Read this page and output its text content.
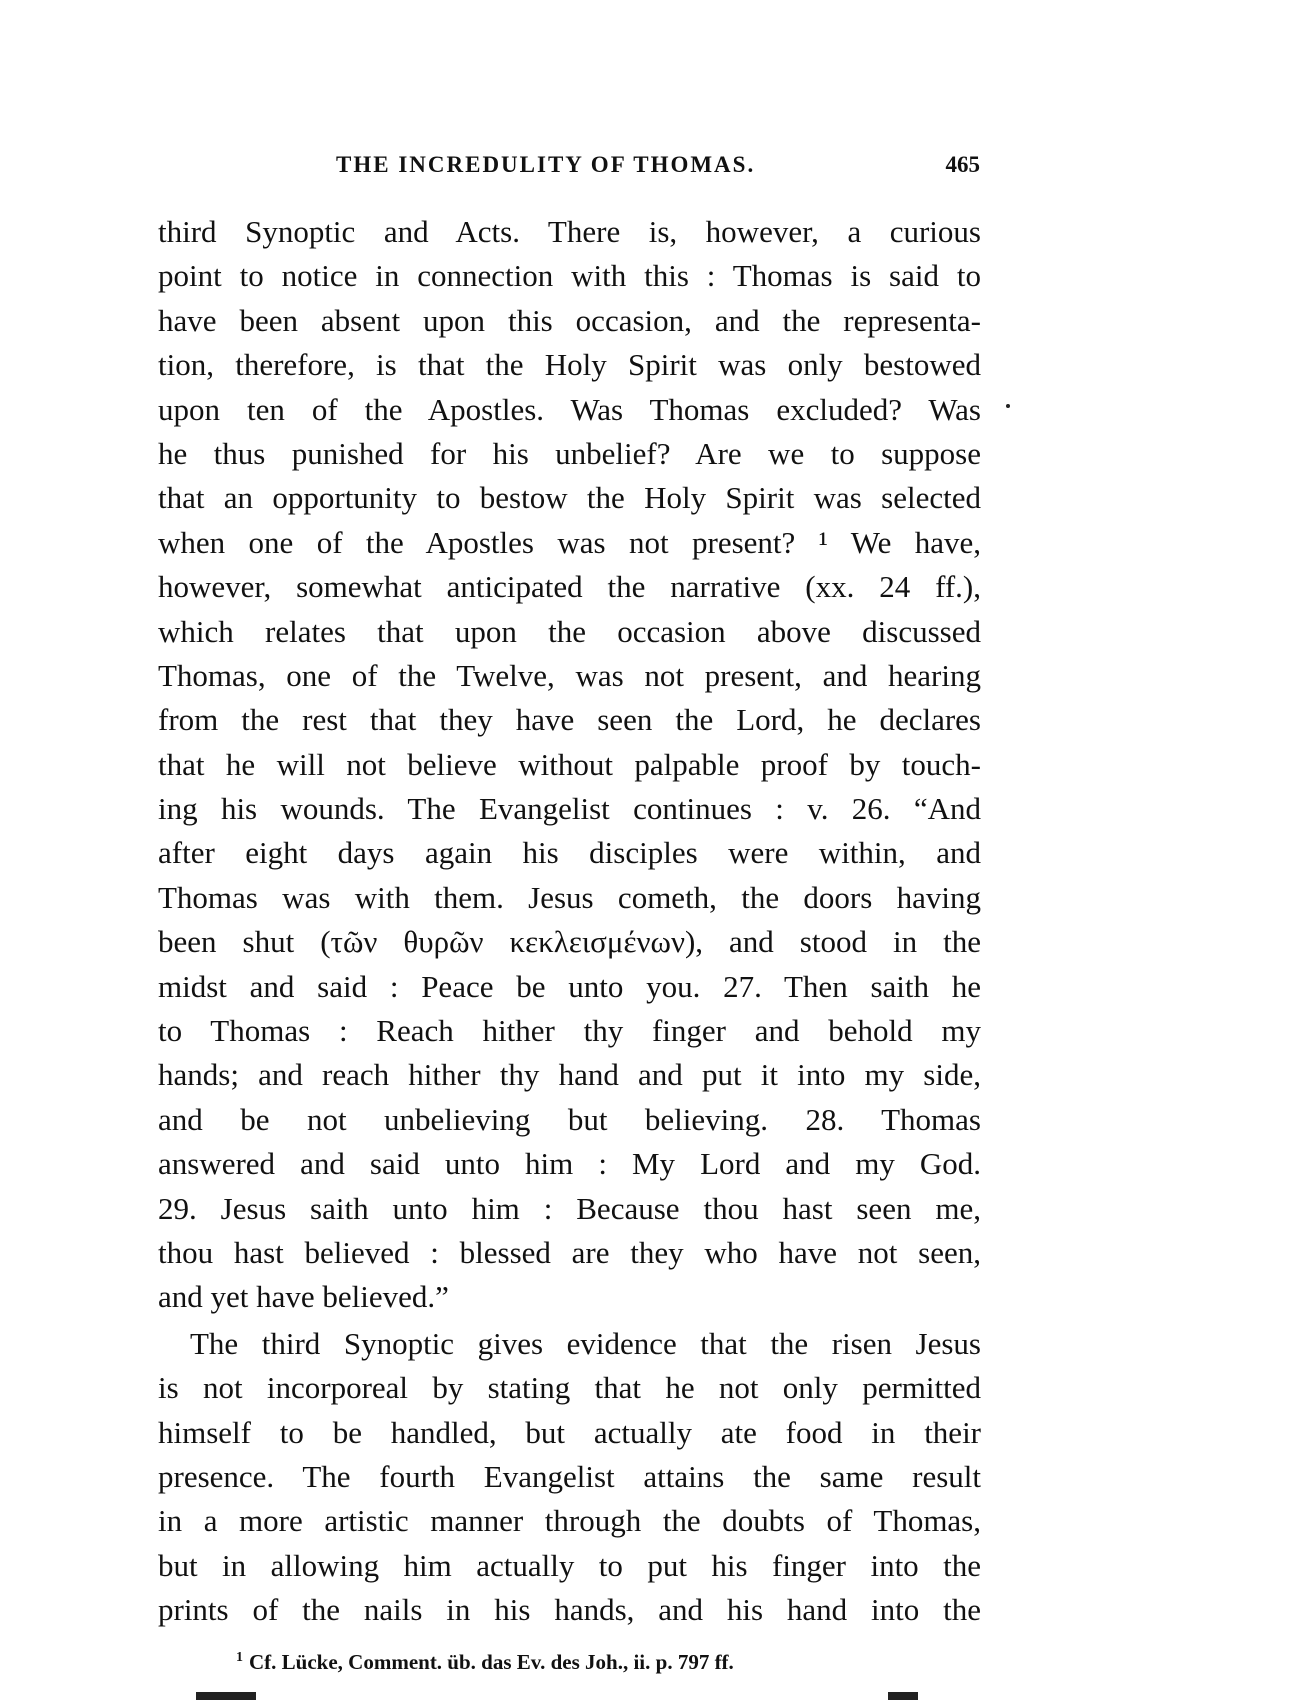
THE INCREDULITY OF THOMAS.	465
third Synoptic and Acts. There is, however, a curious
point to notice in connection with this : Thomas is said to
have been absent upon this occasion, and the representa-
tion, therefore, is that the Holy Spirit was only bestowed
upon ten of the Apostles. Was Thomas excluded? Was
he thus punished for his unbelief? Are we to suppose
that an opportunity to bestow the Holy Spirit was selected
when one of the Apostles was not present? ¹ We have,
however, somewhat anticipated the narrative (xx. 24 ff.),
which relates that upon the occasion above discussed
Thomas, one of the Twelve, was not present, and hearing
from the rest that they have seen the Lord, he declares
that he will not believe without palpable proof by touch-
ing his wounds. The Evangelist continues : v. 26. “And
after eight days again his disciples were within, and
Thomas was with them. Jesus cometh, the doors having
been shut (τῶν θυρῶν κεκλεισμένων), and stood in the
midst and said : Peace be unto you. 27. Then saith he
to Thomas : Reach hither thy finger and behold my
hands; and reach hither thy hand and put it into my side,
and be not unbelieving but believing. 28. Thomas
answered and said unto him : My Lord and my God.
29. Jesus saith unto him : Because thou hast seen me,
thou hast believed : blessed are they who have not seen,
and yet have believed.”
The third Synoptic gives evidence that the risen Jesus
is not incorporeal by stating that he not only permitted
himself to be handled, but actually ate food in their
presence. The fourth Evangelist attains the same result
in a more artistic manner through the doubts of Thomas,
but in allowing him actually to put his finger into the
prints of the nails in his hands, and his hand into the
$^1$ Cf. Lücke, Comment. üb. das Ev. des Joh., ii. p. 797 ff.
